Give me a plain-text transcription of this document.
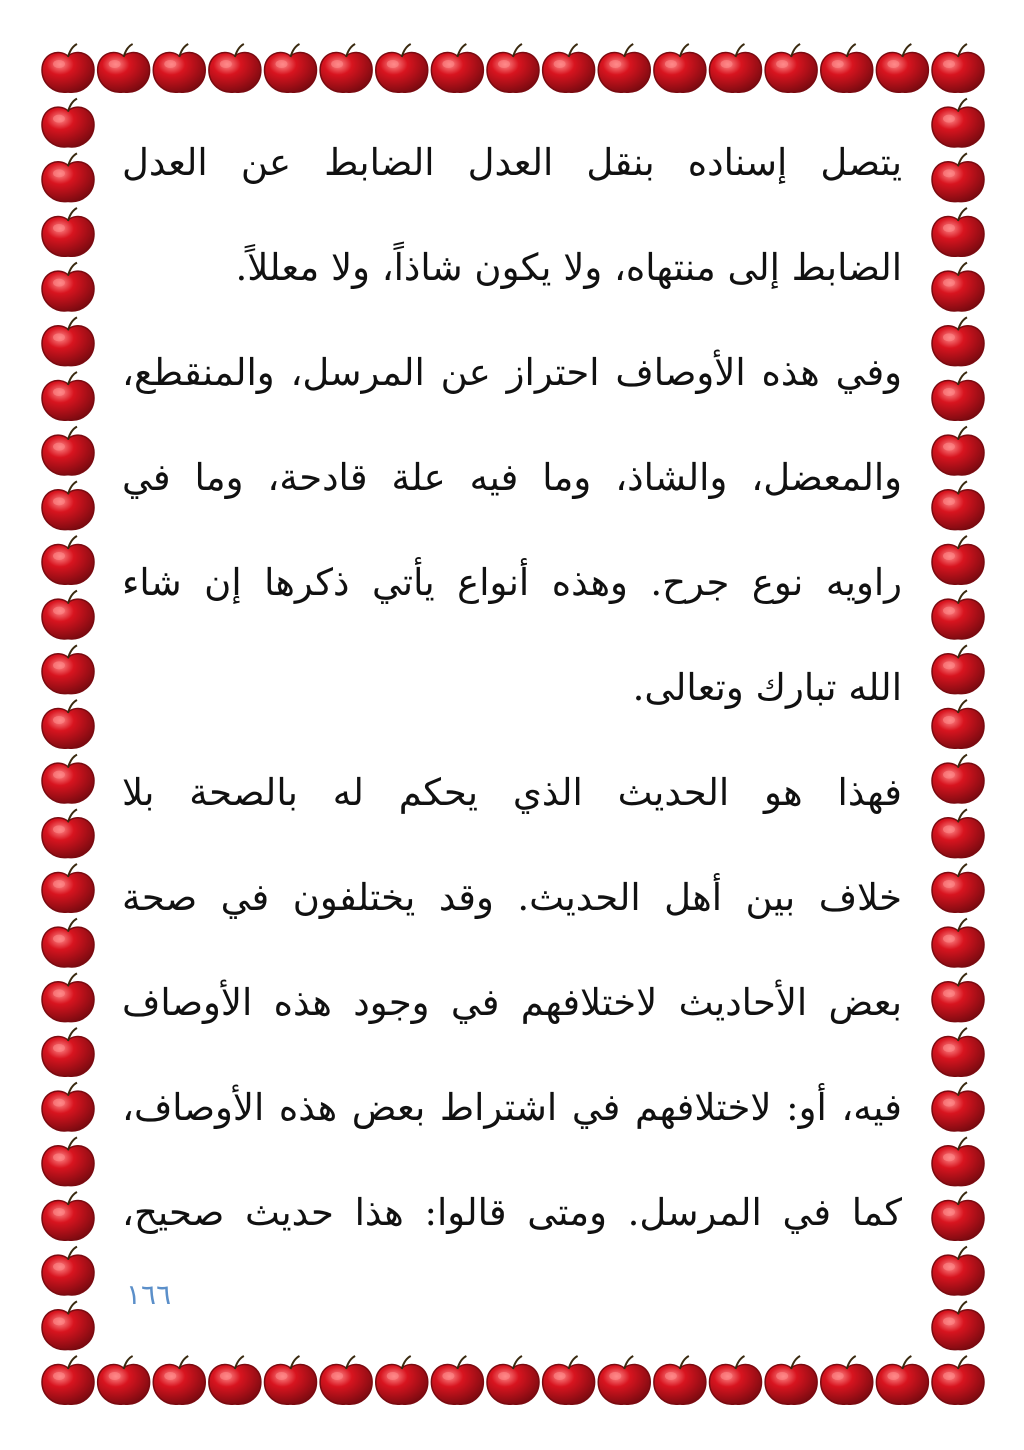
يتصل إسناده بنقل العدل الضابط عن العدل
الضابط إلى منتهاه، ولا يكون شاذاً، ولا معللاً.
وفي هذه الأوصاف احتراز عن المرسل، والمنقطع،
والمعضل، والشاذ، وما فيه علة قادحة، وما في
راويه نوع جرح. وهذه أنواع يأتي ذكرها إن شاء
الله تبارك وتعالى.
فهذا هو الحديث الذي يحكم له بالصحة بلا
خلاف بين أهل الحديث. وقد يختلفون في صحة
بعض الأحاديث لاختلافهم في وجود هذه الأوصاف
فيه، أو: لاختلافهم في اشتراط بعض هذه الأوصاف،
كما في المرسل. ومتى قالوا: هذا حديث صحيح،
١٦٦
